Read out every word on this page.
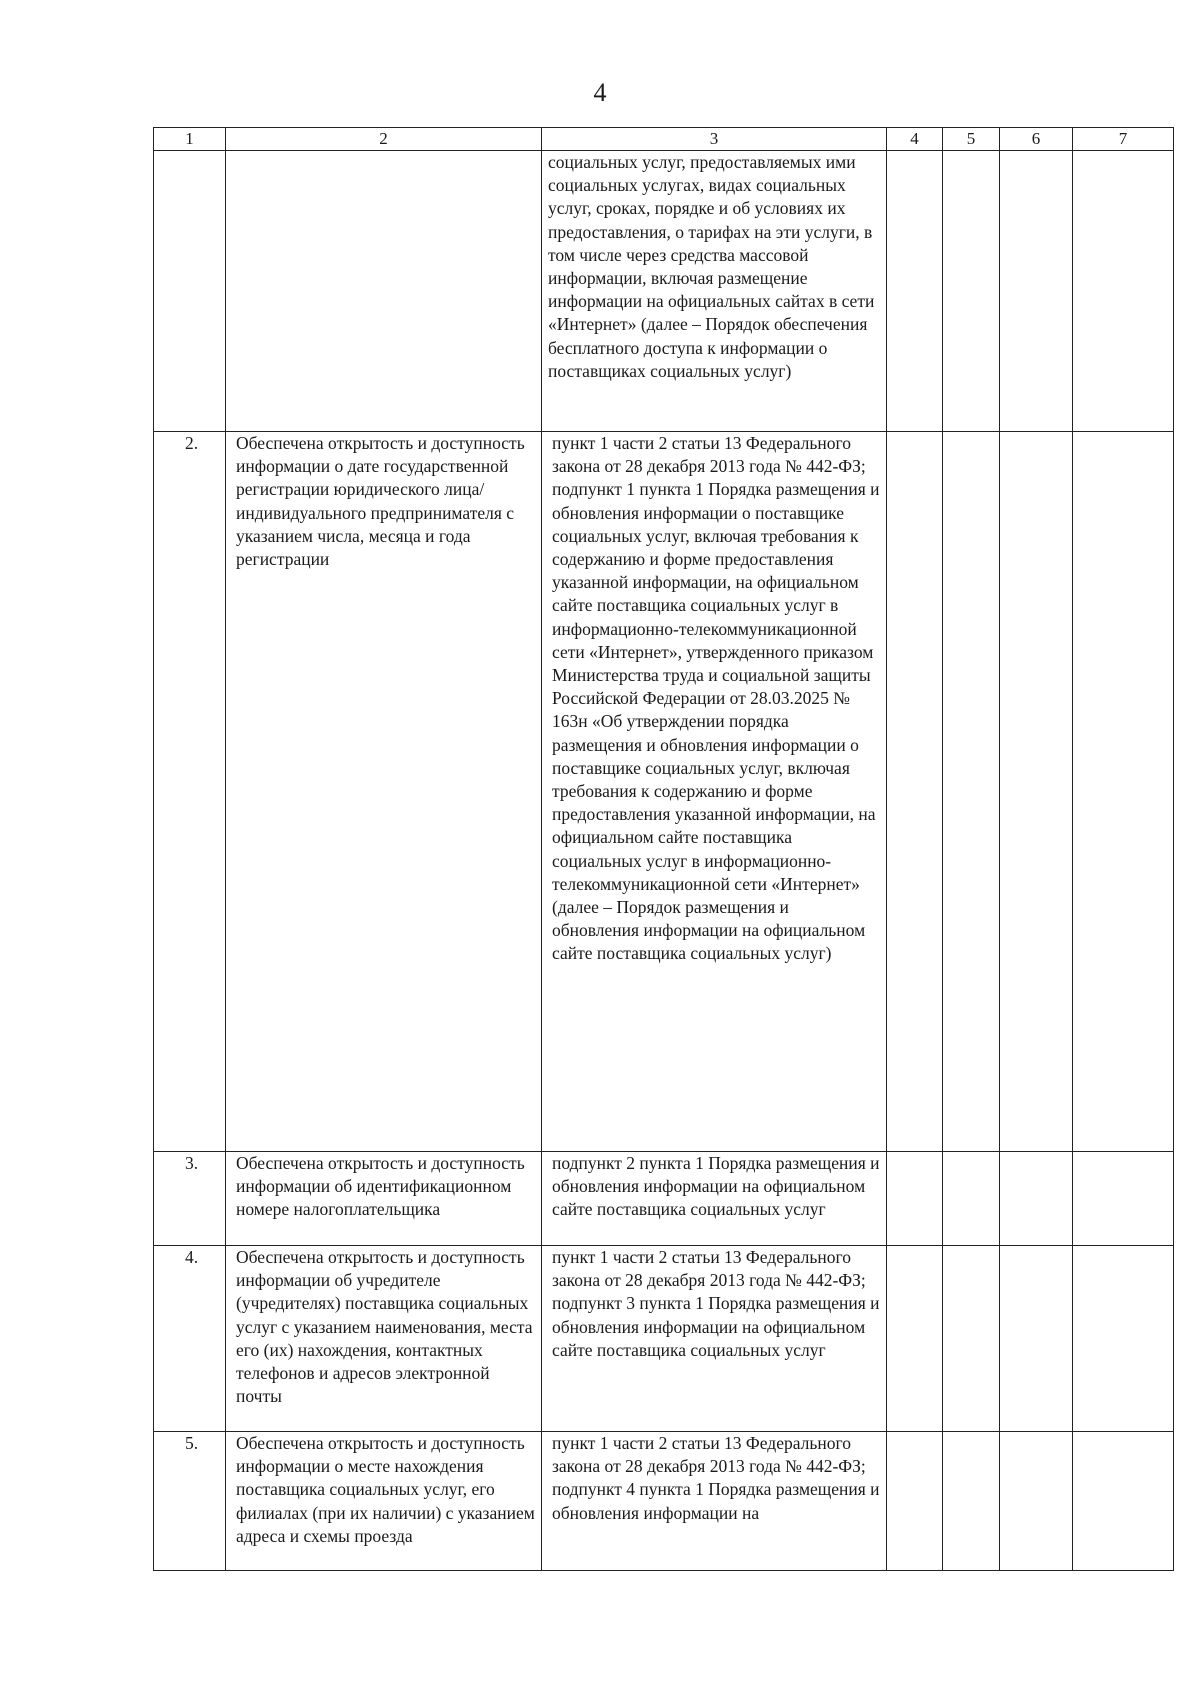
4
1	2	3	4	5	6	7
		социальных услуг, предоставляемых ими социальных услугах, видах социальных услуг, сроках, порядке и об условиях их предоставления, о тарифах на эти услуги, в том числе через средства массовой информации, включая размещение информации на официальных сайтах в сети «Интернет» (далее – Порядок обеспечения бесплатного доступа к информации о поставщиках социальных услуг)				
2.	Обеспечена открытость и доступность информации о дате государственной регистрации юридического лица/ индивидуального предпринимателя с указанием числа, месяца и года регистрации	пункт 1 части 2 статьи 13 Федерального закона от 28 декабря 2013 года № 442-ФЗ; подпункт 1 пункта 1 Порядка размещения и обновления информации о поставщике социальных услуг, включая требования к содержанию и форме предоставления указанной информации, на официальном сайте поставщика социальных услуг в информационно-телекоммуникационной сети «Интернет», утвержденного приказом Министерства труда и социальной защиты Российской Федерации от 28.03.2025 № 163н «Об утверждении порядка размещения и обновления информации о поставщике социальных услуг, включая требования к содержанию и форме предоставления указанной информации, на официальном сайте поставщика социальных услуг в информационно-телекоммуникационной сети «Интернет» (далее – Порядок размещения и обновления информации на официальном сайте поставщика социальных услуг)				
3.	Обеспечена открытость и доступность информации об идентификационном номере налогоплательщика	подпункт 2 пункта 1 Порядка размещения и обновления информации на официальном сайте поставщика социальных услуг				
4.	Обеспечена открытость и доступность информации об учредителе (учредителях) поставщика социальных услуг с указанием наименования, места его (их) нахождения, контактных телефонов и адресов электронной почты	пункт 1 части 2 статьи 13 Федерального закона от 28 декабря 2013 года № 442-ФЗ; подпункт 3 пункта 1 Порядка размещения и обновления информации на официальном сайте поставщика социальных услуг				
5.	Обеспечена открытость и доступность информации о месте нахождения поставщика социальных услуг, его филиалах (при их наличии) с указанием адреса и схемы проезда	пункт 1 части 2 статьи 13 Федерального закона от 28 декабря 2013 года № 442-ФЗ; подпункт 4 пункта 1 Порядка размещения и обновления информации на				
